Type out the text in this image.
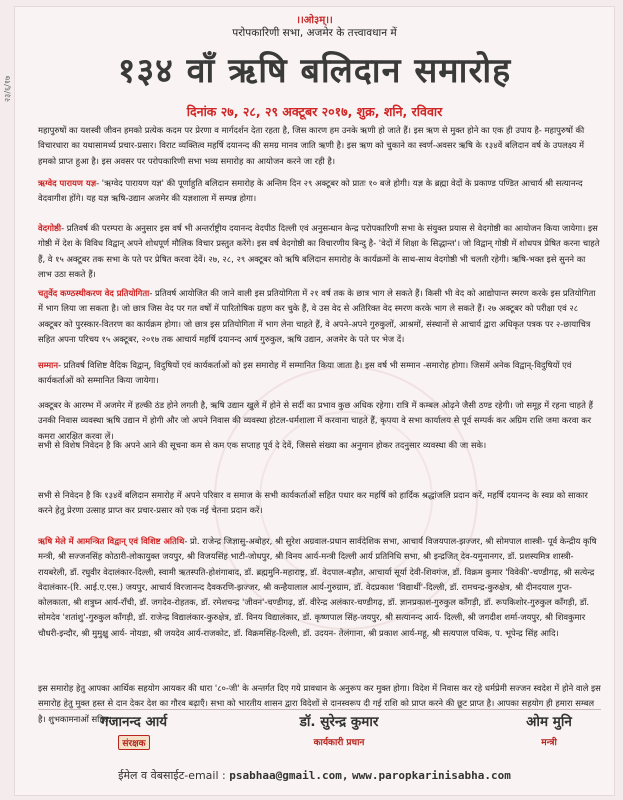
।।ओ३म्।।
परोपकारिणी सभा, अजमेर के तत्त्वावधान में
१३४ वाँ ऋषि बलिदान समारोह
दिनांक २७, २८, २९ अक्टूबर २०१७, शुक्र, शनि, रविवार
महापुरुषों का यशस्वी जीवन हमको प्रत्येक कदम पर प्रेरणा व मार्गदर्शन देता रहता है, जिस कारण हम उनके ऋणी हो जाते हैं। इस ऋण से मुक्त होने का एक ही उपाय है- महापुरुषों की विचारधारा का यथासामर्थ्य प्रचार-प्रसार। विराट व्यक्तित्व महर्षि दयानन्द की समग्र मानव जाति ऋणी है। इस ऋण को चुकाने का स्वर्ण-अवसर ऋषि के १३४वें बलिदान वर्ष के उपलक्ष्य में हमको प्राप्त हुआ है। इस अवसर पर परोपकारिणी सभा भव्य समारोह का आयोजन करने जा रही है।
ऋग्वेद पारायण यज्ञ- 'ऋग्वेद पारायण यज्ञ' की पूर्णाहुति बलिदान समारोह के अन्तिम दिन २९ अक्टूबर को प्रातः १० बजे होगी। यज्ञ के ब्रह्मा वेदों के प्रकाण्ड पण्डित आचार्य श्री सत्यानन्द वेदवागीश होंगे। यह यज्ञ ऋषि-उद्यान अजमेर की यज्ञशाला में सम्पन्न होगा।
वेदगोष्ठी- प्रतिवर्ष की परम्परा के अनुसार इस वर्ष भी अन्तर्राष्ट्रीय दयानन्द वेदपीठ दिल्ली एवं अनुसन्धान केन्द्र परोपकारिणी सभा के संयुक्त प्रयास से वेदगोष्ठी का आयोजन किया जायेगा। इस गोष्ठी में देश के विविध विद्वान् अपने शोधपूर्ण मौलिक विचार प्रस्तुत करेंगे। इस वर्ष वेदगोष्ठी का विचारणीय बिन्दु है- 'वेदों में शिक्षा के सिद्धान्त'। जो विद्वान् गोष्ठी में शोधपत्र प्रेषित करना चाहते हैं, वे १५ अक्टूबर तक सभा के पते पर प्रेषित करवा देवें। २७, २८, २९ अक्टूबर को ऋषि बलिदान समारोह के कार्यक्रमों के साथ-साथ वेदगोष्ठी भी चलती रहेगी। ऋषि-भक्त इसे सुनने का लाभ उठा सकते हैं।
चतुर्वेद कण्ठस्थीकरण वेद प्रतियोगिता- प्रतिवर्ष आयोजित की जाने वाली इस प्रतियोगिता में २१ वर्ष तक के छात्र भाग ले सकते हैं। किसी भी वेद को आद्योपान्त स्मरण करके इस प्रतियोगिता में भाग लिया जा सकता है। जो छात्र जिस वेद पर गत वर्षों में पारितोषिक ग्रहण कर चुके हैं, वे उस वेद से अतिरिक्त वेद स्मरण करके भाग ले सकते हैं। २७ अक्टूबर को परीक्षा एवं २८ अक्टूबर को पुरस्कार-वितरण का कार्यक्रम होगा। जो छात्र इस प्रतियोगिता में भाग लेना चाहते हैं, वे अपने-अपने गुरुकुलों, आश्रमों, संस्थानों से आचार्य द्वारा अधिकृत पत्रक पर २-छायाचित्र सहित अपना परिचय १५ अक्टूबर, २०१७ तक आचार्य महर्षि दयानन्द आर्ष गुरुकुल, ऋषि उद्यान, अजमेर के पते पर भेज दें।
सम्मान- प्रतिवर्ष विशिष्ट वैदिक विद्वान्, विदुषियों एवं कार्यकर्ताओं को इस समारोह में सम्मानित किया जाता है। इस वर्ष भी सम्मान -समारोह होगा। जिसमें अनेक विद्वान्-विदुषियों एवं कार्यकर्ताओं को सम्मानित किया जायेगा।
अक्टूबर के आरम्भ में अजमेर में हल्की ठंड होने लगती है, ऋषि उद्यान खुले में होने से सर्दी का प्रभाव कुछ अधिक रहेगा। रात्रि में कम्बल ओढ़ने जैसी ठण्ड रहेगी। जो समूह में रहना चाहते हैं उनकी निवास व्यवस्था ऋषि उद्यान में होगी और जो अपने निवास की व्यवस्था होटल-धर्मशाला में करवाना चाहते हैं, कृपया वे सभा कार्यालय से पूर्व सम्पर्क कर अग्रिम राशि जमा करवा कर कमरा आरक्षित करवा लें।
सभी से विशेष निवेदन है कि अपने आने की सूचना कम से कम एक सप्ताह पूर्व दे देवें, जिससे संख्या का अनुमान होकर तदनुसार व्यवस्था की जा सके।
सभी से निवेदन है कि १३४वें बलिदान समारोह में अपने परिवार व समाज के सभी कार्यकर्ताओं सहित पधार कर महर्षि को हार्दिक श्रद्धांजलि प्रदान करें, महर्षि दयानन्द के स्वप्न को साकार करने हेतु प्रेरणा उत्साह प्राप्त कर प्रचार-प्रसार को एक नई चेतना प्रदान करें।
ऋषि मेले में आमन्त्रित विद्वान् एवं विशिष्ट अतिथि- प्रो. राजेन्द्र जिज्ञासु-अबोहर, श्री सुरेश अग्रवाल-प्रधान सार्वदेशिक सभा, आचार्य विजयपाल-झज्जर, श्री सोमपाल शास्त्री- पूर्व केन्द्रीय कृषि मन्त्री, श्री सज्जनसिंह कोठारी-लोकायुक्त जयपुर, श्री विजयसिंह भाटी-जोधपुर, श्री विनय आर्य-मन्त्री दिल्ली आर्य प्रतिनिधि सभा, श्री इन्द्रजित् देव-यमुनानगर, डॉ. प्रशस्यमित्र शास्त्री-रायबरेली, डॉ. रघुवीर वेदालंकार-दिल्ली, स्वामी ऋतस्पति-होशंगाबाद, डॉ. ब्रह्ममुनि-महाराष्ट्र, डॉ. वेदपाल-बड़ौत, आचार्या सूर्या देवी-शिवगंज, डॉ. विक्रम कुमार 'विवेकी'-चण्डीगढ़, श्री सत्येन्द्र वेदालंकार-(रि. आई.ए.एस.) जयपुर, आचार्य विरजानन्द दैवकरणि-झज्जर, श्री कन्हैयालाल आर्य-गुरुग्राम, डॉ. वेदप्रकाश 'विद्यार्थी'-दिल्ली, डॉ. रामचन्द्र-कुरुक्षेत्र, श्री दीनदयाल गुप्त-कोलकाता, श्री शत्रुघ्न आर्य-राँची, डॉ. जगदेव-रोहतक, डॉ. रमेशचन्द्र 'जीवन'-चण्डीगढ़, डॉ. वीरेन्द्र अलंकार-चण्डीगढ़, डॉ. ज्ञानप्रकाश-गुरुकुल काँगड़ी, डॉ. रूपकिशोर-गुरुकुल काँगड़ी, डॉ. सोमदेव 'शतांशु'-गुरुकुल काँगड़ी, डॉ. राजेन्द्र विद्यालंकार-कुरुक्षेत्र, डॉ. विनय विद्यालंकार, डॉ. कृष्णपाल सिंह-जयपुर, श्री सत्यानन्द आर्य- दिल्ली, श्री जगदीश शर्मा-जयपुर, श्री शिवकुमार चौधरी-इन्दौर, श्री मुमुक्षु आर्य- नोयडा, श्री जयदेव आर्य-राजकोट, डॉ. विक्रमसिंह-दिल्ली, डॉ. उदयन- तेलंगाना, श्री प्रकाश आर्य-महू, श्री सत्यपाल पथिक, प. भूपेन्द्र सिंह आदि।
इस समारोह हेतु आपका आर्थिक सहयोग आयकर की धारा '८०-जी' के अन्तर्गत दिए गये प्रावधान के अनुरूप कर मुक्त होगा। विदेश में निवास कर रहे धर्मप्रेमी सज्जन स्वदेश में होने वाले इस समारोह हेतु मुक्त हस्त से दान देकर देश का गौरव बढ़ाएँ। सभा को भारतीय शासन द्वारा विदेशों से दानस्वरूप दी गई राशि को प्राप्त करने की छूट प्राप्त है। आपका सहयोग ही हमारा सम्बल है। शुभकामनाओं सहित।
गजानन्द आर्य
संरक्षक
डॉ. सुरेन्द्र कुमार
कार्यकारी प्रधान
ओम मुनि
मन्त्री
ईमेल व वेबसाईट-email : psabhaa@gmail.com, www.paropkarinisabha.com
२३/६/१७
